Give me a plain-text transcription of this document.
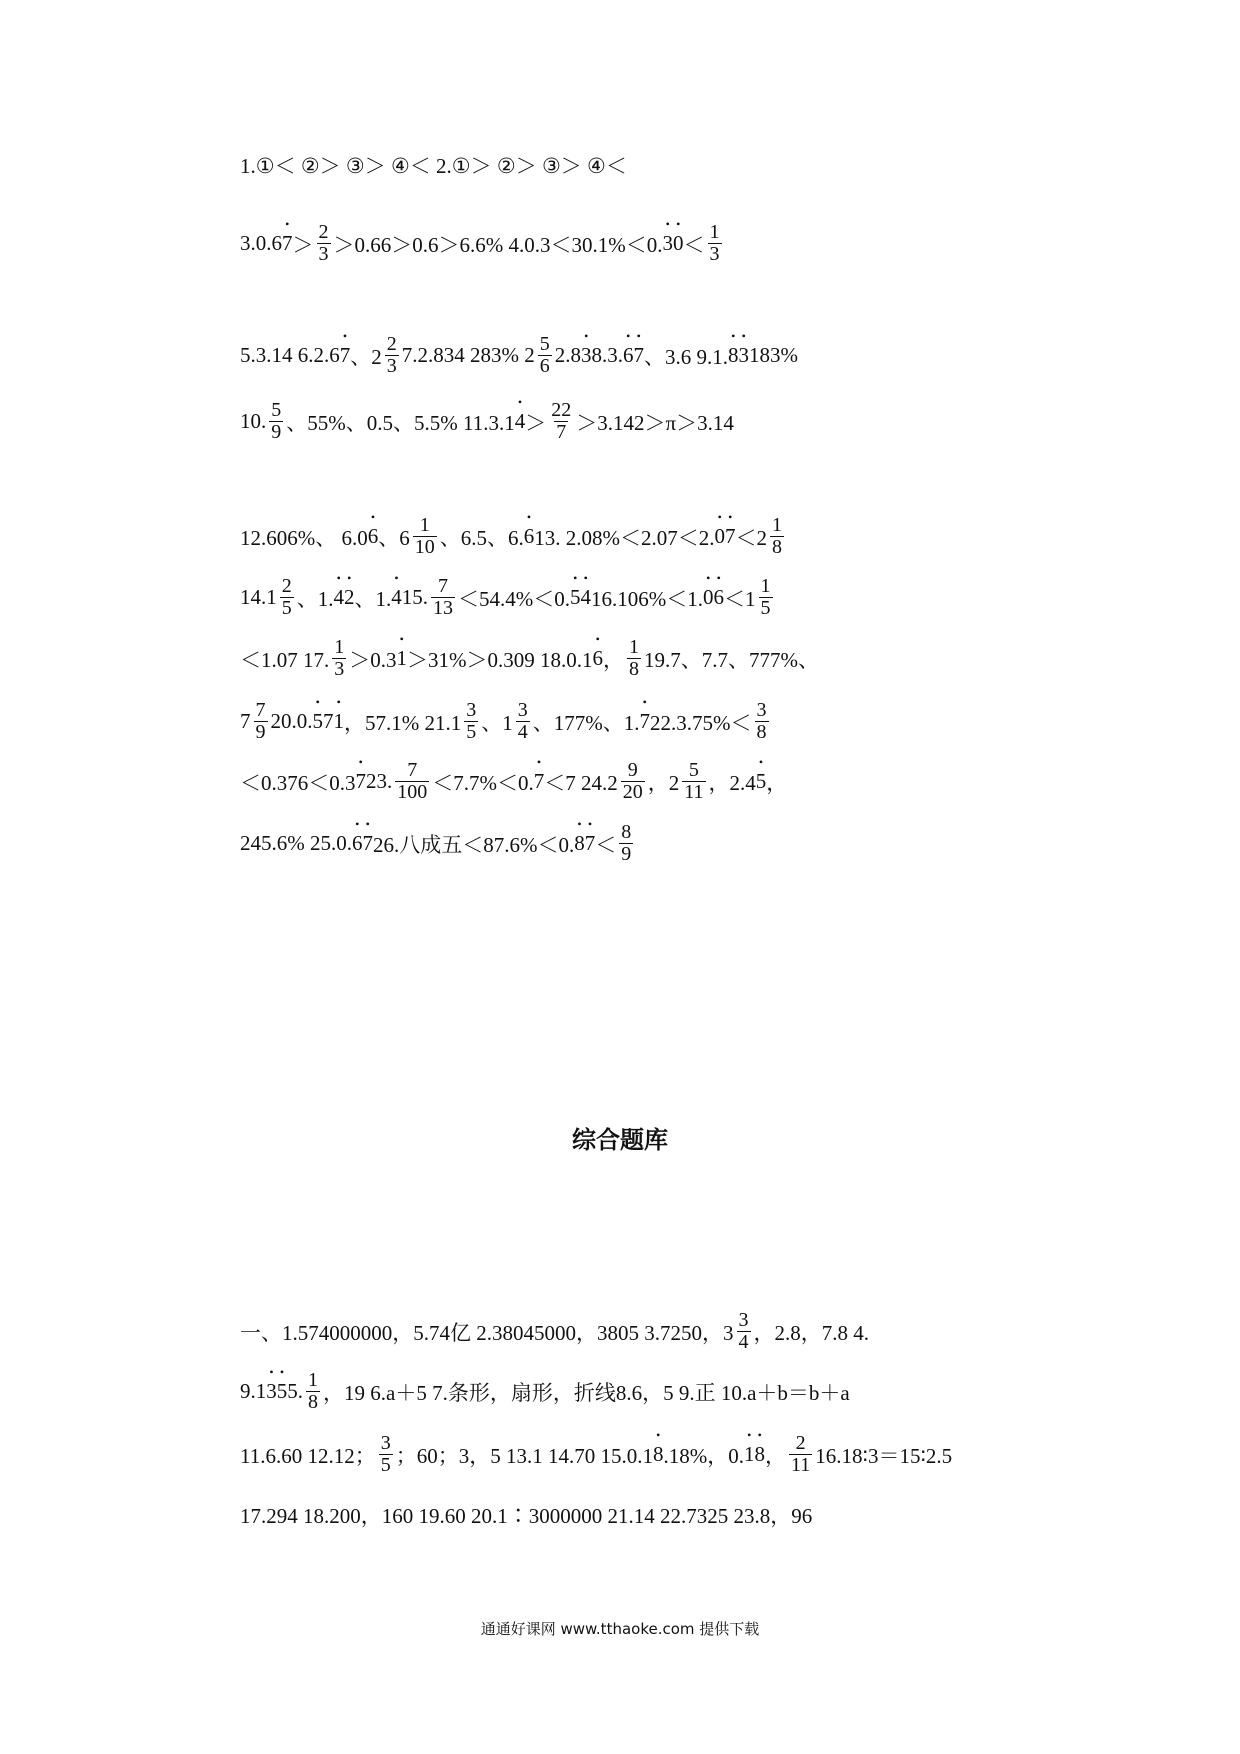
1.①＜ ②＞ ③＞ ④＜ 2.①＞ ②＞ ③＞ ④＜
3.0.6 • $7 > \frac{2}{3} >0.66>0.6>6.6\%$ 4.0.3＜30.1%＜0. • 3 • $0 < \frac{1}{3}$
5.3.14 6.2.6 • 7 、$2 \frac{2}{3} 7.2.834$ 283% $2 \frac{5}{6} 2.8$ • 3 8.3. • 6 • 7 、3.6 9.1. • 8 • 3 183%
10. $\frac{5}{9}$ 、55%、0.5、5.5% 11.3.1 • $4 > \frac{22}{7} >3.142>\pi>3.14$
12.606%、 6.0 • 6 、$6 \frac{1}{10}$ 、6.5、6. • 6 13. 2.08%＜2.07＜2. • 0 • $7 <2 \frac{1}{8}$
$14.1 \frac{2}{5}$ 、1. • 4 • 2 、1. • 4 15. $\frac{7}{13} <54.4\%<0$. • 5 • 4 16.106%＜1. • 0 • $6 <1 \frac{1}{5}$
＜1.07 17. $\frac{1}{3} >0.3$ • 1 ＞31%＞0.309 18.0.1 • 6 ， $\frac{1}{8} 19.7$、7.7、777%、
$7 \frac{7}{9} 20.0$. • 5 7 • 1 ，57.1% $21.1 \frac{3}{5}$ 、$1 \frac{3}{4}$ 、177%、1. • 7 $22.3.75\%< \frac{3}{8}$
＜0.376＜0.3 • 7 23. $\frac{7}{100} <7.7\%<0$. • 7 ＜7 $24.2 \frac{9}{20}$ ，$2 \frac{5}{11}$ ，2.4 • 5 ，
245.6% 25.0. • 6 • 7 26.八成五＜87.6%＜0. • 8 • $7 < \frac{8}{9}$
综合题库
一、1.574000000，5.74亿 2.38045000，3805 3.7250，$3 \frac{3}{4}$ ，2.8，7.8 4.
9.1 • 3 • 5 5. $\frac{1}{8}$ ，19 6.a＋5 7.条形，扇形，折线8.6，5 9.正 10.a＋b＝b＋a
11.6.60 12.12； $\frac{3}{5}$ ；60；3，5 13.1 14.70 15.0.1 • 8 .18%，0. • 1 • 8 ， $\frac{2}{11}$ 16.18∶3＝15∶2.5
17.294 18.200，160 19.60 20.1∶3000000 21.14 22.7325 23.8，96
通通好课网 www.tthaoke.com 提供下载
